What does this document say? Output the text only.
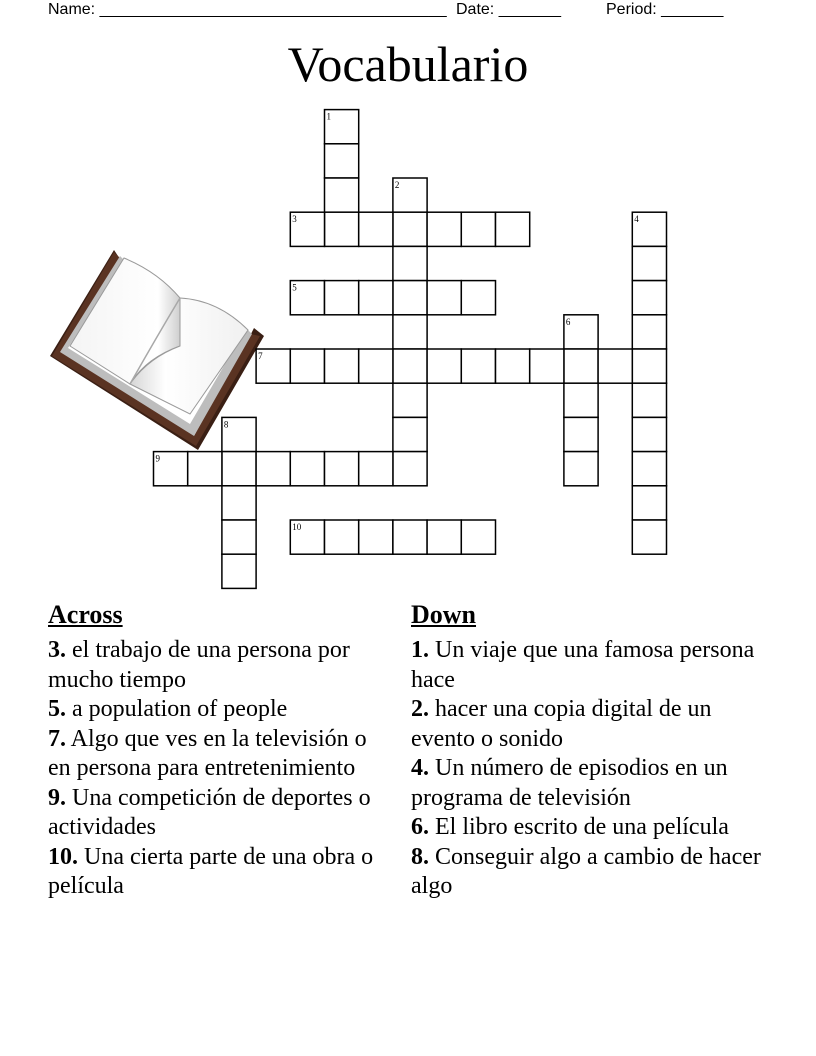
Name: _______________________________________ Date: _______	Period: _______
Vocabulario
1
2
3	4
5
6
7
8
9
10
Across
3. el trabajo de una persona por mucho tiempo
5. a population of people
7. Algo que ves en la televisión o en persona para entretenimiento
9. Una competición de deportes o actividades
10. Una cierta parte de una obra o película
Down
1. Un viaje que una famosa persona hace
2. hacer una copia digital de un evento o sonido
4. Un número de episodios en un programa de televisión
6. El libro escrito de una película
8. Conseguir algo a cambio de hacer algo
